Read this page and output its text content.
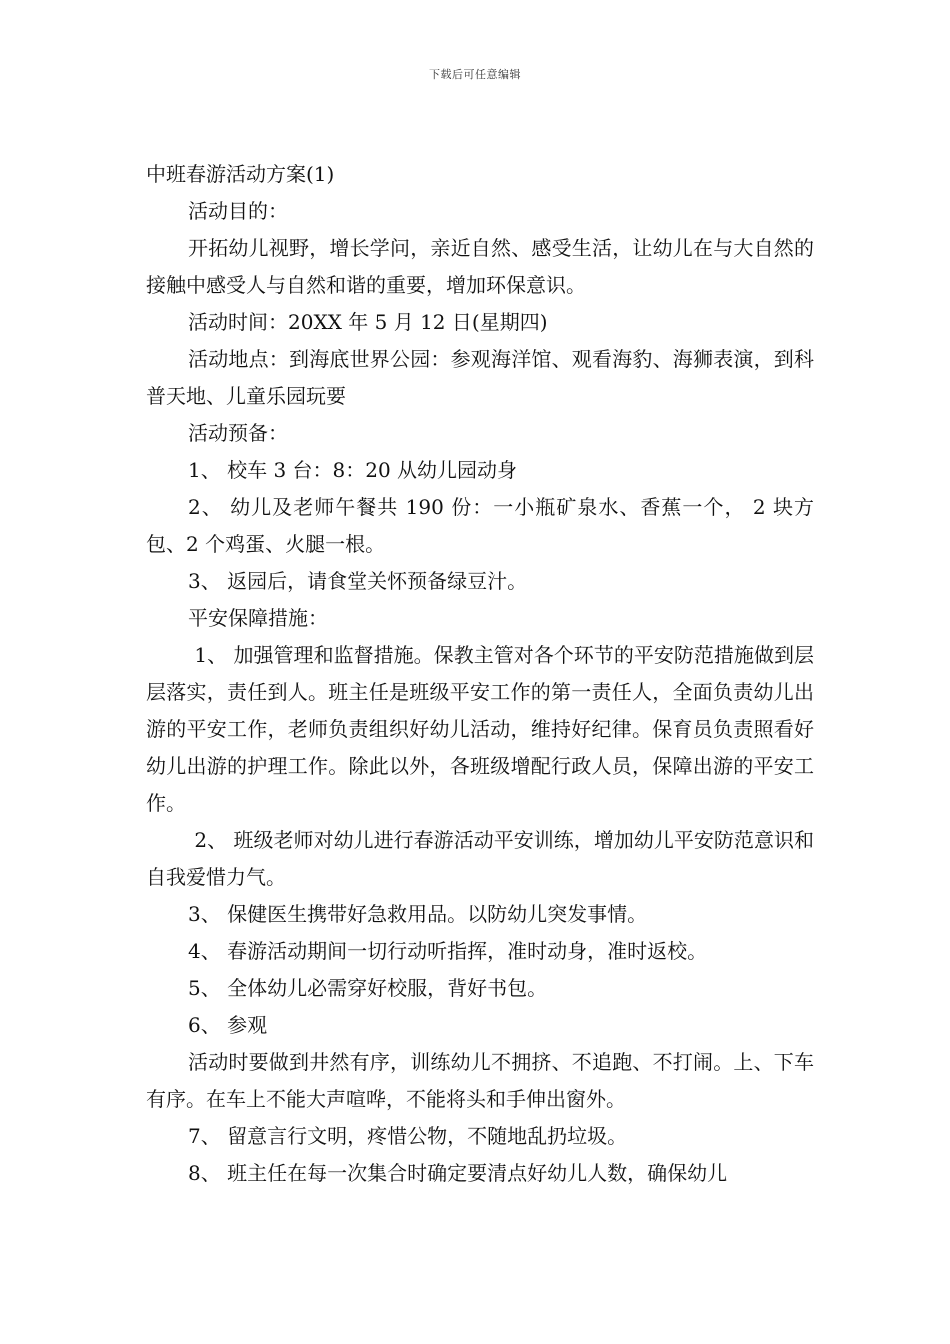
下载后可任意编辑

中班春游活动方案(1)

活动目的：

开拓幼儿视野，增长学问，亲近自然、感受生活，让幼儿在与大自然的接触中感受人与自然和谐的重要，增加环保意识。

活动时间：20XX 年 5 月 12 日(星期四)

活动地点：到海底世界公园：参观海洋馆、观看海豹、海狮表演，到科普天地、儿童乐园玩要

活动预备：

1、 校车 3 台：8：20 从幼儿园动身

2、 幼儿及老师午餐共 190 份：一小瓶矿泉水、香蕉一个， 2 块方包、2 个鸡蛋、火腿一根。

3、 返园后，请食堂关怀预备绿豆汁。

平安保障措施：

1、 加强管理和监督措施。保教主管对各个环节的平安防范措施做到层层落实，责任到人。班主任是班级平安工作的第一责任人，全面负责幼儿出游的平安工作，老师负责组织好幼儿活动，维持好纪律。保育员负责照看好幼儿出游的护理工作。除此以外，各班级增配行政人员，保障出游的平安工作。

2、 班级老师对幼儿进行春游活动平安训练，增加幼儿平安防范意识和自我爱惜力气。

3、 保健医生携带好急救用品。以防幼儿突发事情。

4、 春游活动期间一切行动听指挥，准时动身，准时返校。

5、 全体幼儿必需穿好校服，背好书包。

6、 参观

活动时要做到井然有序，训练幼儿不拥挤、不追跑、不打闹。上、下车有序。在车上不能大声喧哗，不能将头和手伸出窗外。

7、 留意言行文明，疼惜公物，不随地乱扔垃圾。

8、 班主任在每一次集合时确定要清点好幼儿人数，确保幼儿
